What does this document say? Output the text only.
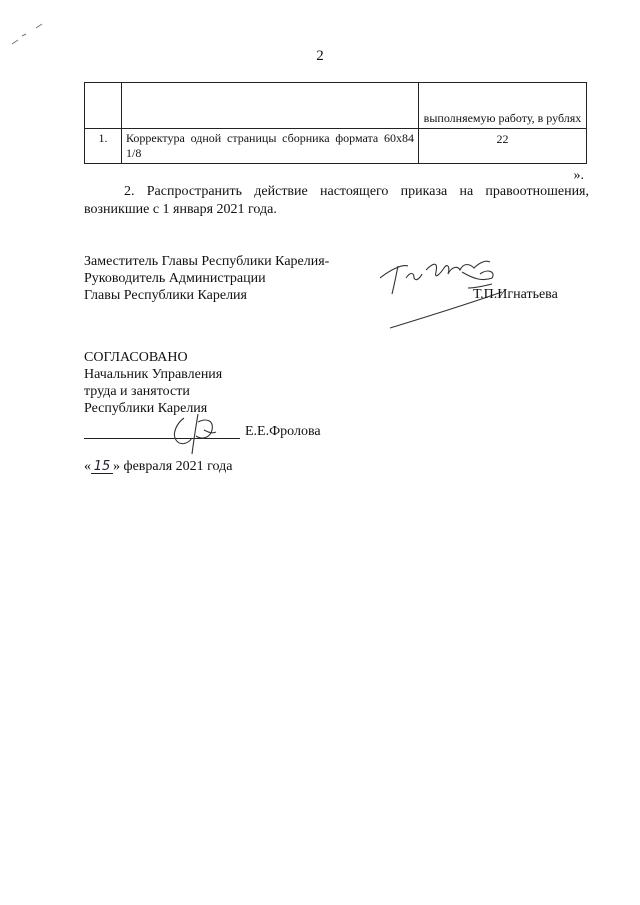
2
		выполняемую работу, в рублях
1.	Корректура одной страницы сборника формата 60x84 1/8	22
».
2. Распространить действие настоящего приказа на правоотношения, возникшие с 1 января 2021 года.
Заместитель Главы Республики Карелия-
Руководитель Администрации
Главы Республики Карелия	Т.П.Игнатьева
СОГЛАСОВАНО
Начальник Управления
труда и занятости
Республики Карелия
Е.Е.Фролова
« 15 » февраля 2021 года
